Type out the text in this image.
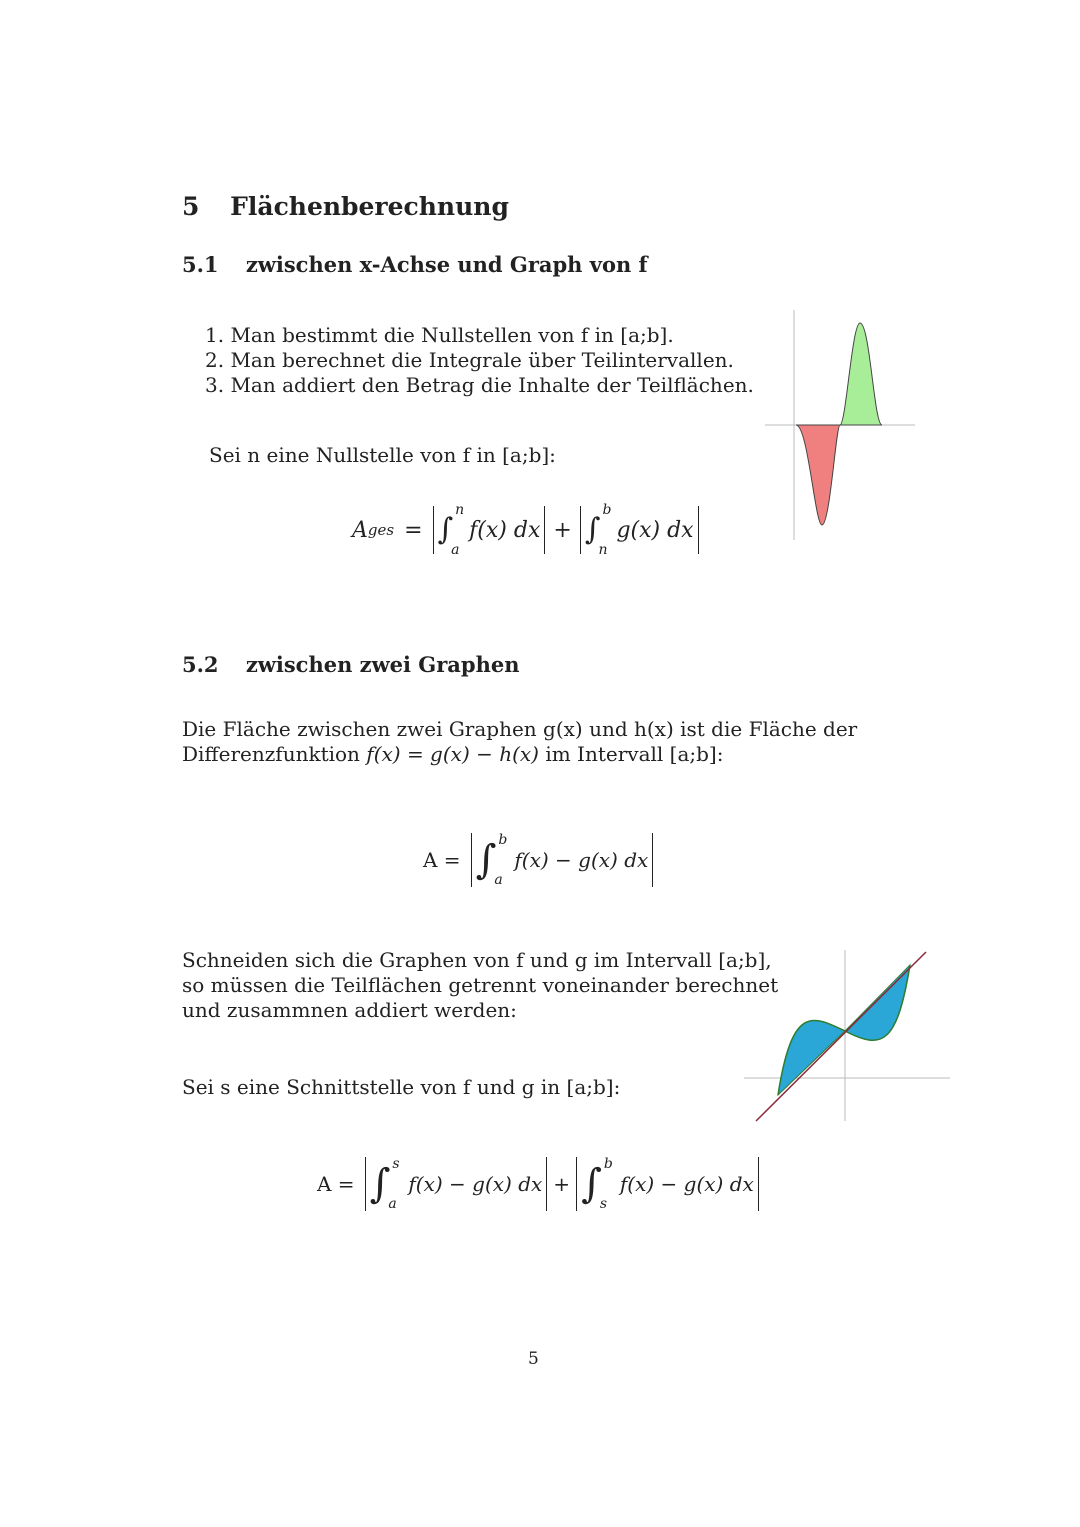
5 Flächenberechnung
5.1 zwischen x-Achse und Graph von f
1. Man bestimmt die Nullstellen von f in [a;b].
2. Man berechnet die Integrale über Teilintervallen.
3. Man addiert den Betrag die Inhalte der Teilflächen.
Sei n eine Nullstelle von f in [a;b]:
A ges = ∫
n
a
f(x) dx + ∫
b
n
g(x) dx
5.2 zwischen zwei Graphen
Die Fläche zwischen zwei Graphen g(x) und h(x) ist die Fläche der
Differenzfunktion f(x) = g(x) − h(x) im Intervall [a;b]:
A = ∫ b
a
f(x) − g(x) dx
Schneiden sich die Graphen von f und g im Intervall [a;b],
so müssen die Teilflächen getrennt voneinander berechnet
und zusammnen addiert werden:
Sei s eine Schnittstelle von f und g in [a;b]:
A = ∫ s
a
f(x) − g(x) dx + ∫ b
s
f(x) − g(x) dx
5
